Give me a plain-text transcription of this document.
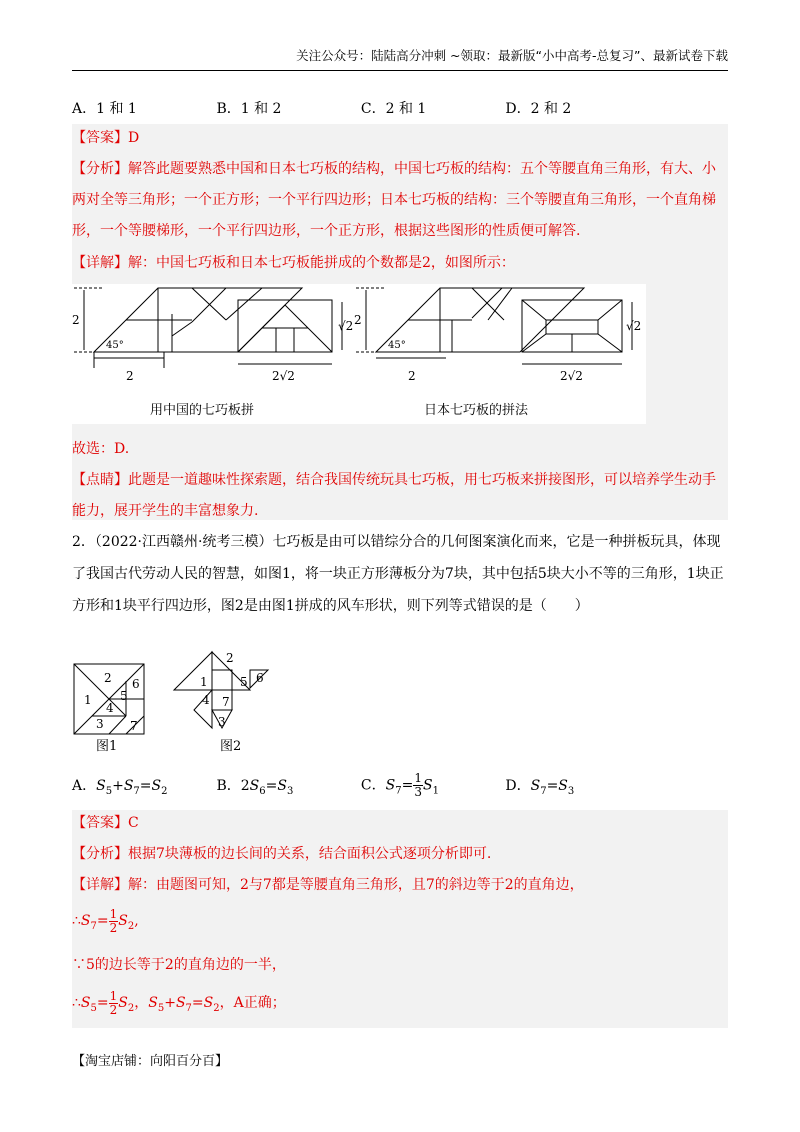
关注公众号：陆陆高分冲刺 ~领取：最新版“小中高考-总复习”、最新试卷下载
A．1 和 1	B．1 和 2	C．2 和 1	D．2 和 2
【答案】D
【分析】解答此题要熟悉中国和日本七巧板的结构，中国七巧板的结构：五个等腰直角三角形，有大、小两对全等三角形；一个正方形；一个平行四边形；日本七巧板的结构：三个等腰直角三角形，一个直角梯形，一个等腰梯形，一个平行四边形，一个正方形，根据这些图形的性质便可解答.
【详解】解：中国七巧板和日本七巧板能拼成的个数都是2，如图所示：
2
45°
2	2√2
√2 2
45°
2	2√2
√2
用中国的七巧板拼	日本七巧板的拼法
故选：D.
【点睛】此题是一道趣味性探索题，结合我国传统玩具七巧板，用七巧板来拼接图形，可以培养学生动手能力，展开学生的丰富想象力.
2．（2022·江西赣州·统考三模）七巧板是由可以错综分合的几何图案演化而来，它是一种拼板玩具，体现了我国古代劳动人民的智慧，如图1，将一块正方形薄板分为7块，其中包括5块大小不等的三角形，1块正方形和1块平行四边形，图2是由图1拼成的风车形状，则下列等式错误的是（　　）
1
2
3
4
5
6
7
1
2
3
4
5 6
7
图1	图2
A．$S_5+S_7=S_2$	B．$2S_6=S_3$	C．$S_7= \frac{1}{3} S_1$	D．$S_7=S_3$
【答案】C
【分析】根据7块薄板的边长间的关系，结合面积公式逐项分析即可.
【详解】解：由题图可知，2与7都是等腰直角三角形，且7的斜边等于2的直角边，
$\therefore S_7= \frac{1}{2} S_2$,
∵5的边长等于2的直角边的一半，
$\therefore S_5= \frac{1}{2} S_2$，$S_5+S_7=S_2$，A正确；
【淘宝店铺：向阳百分百】
